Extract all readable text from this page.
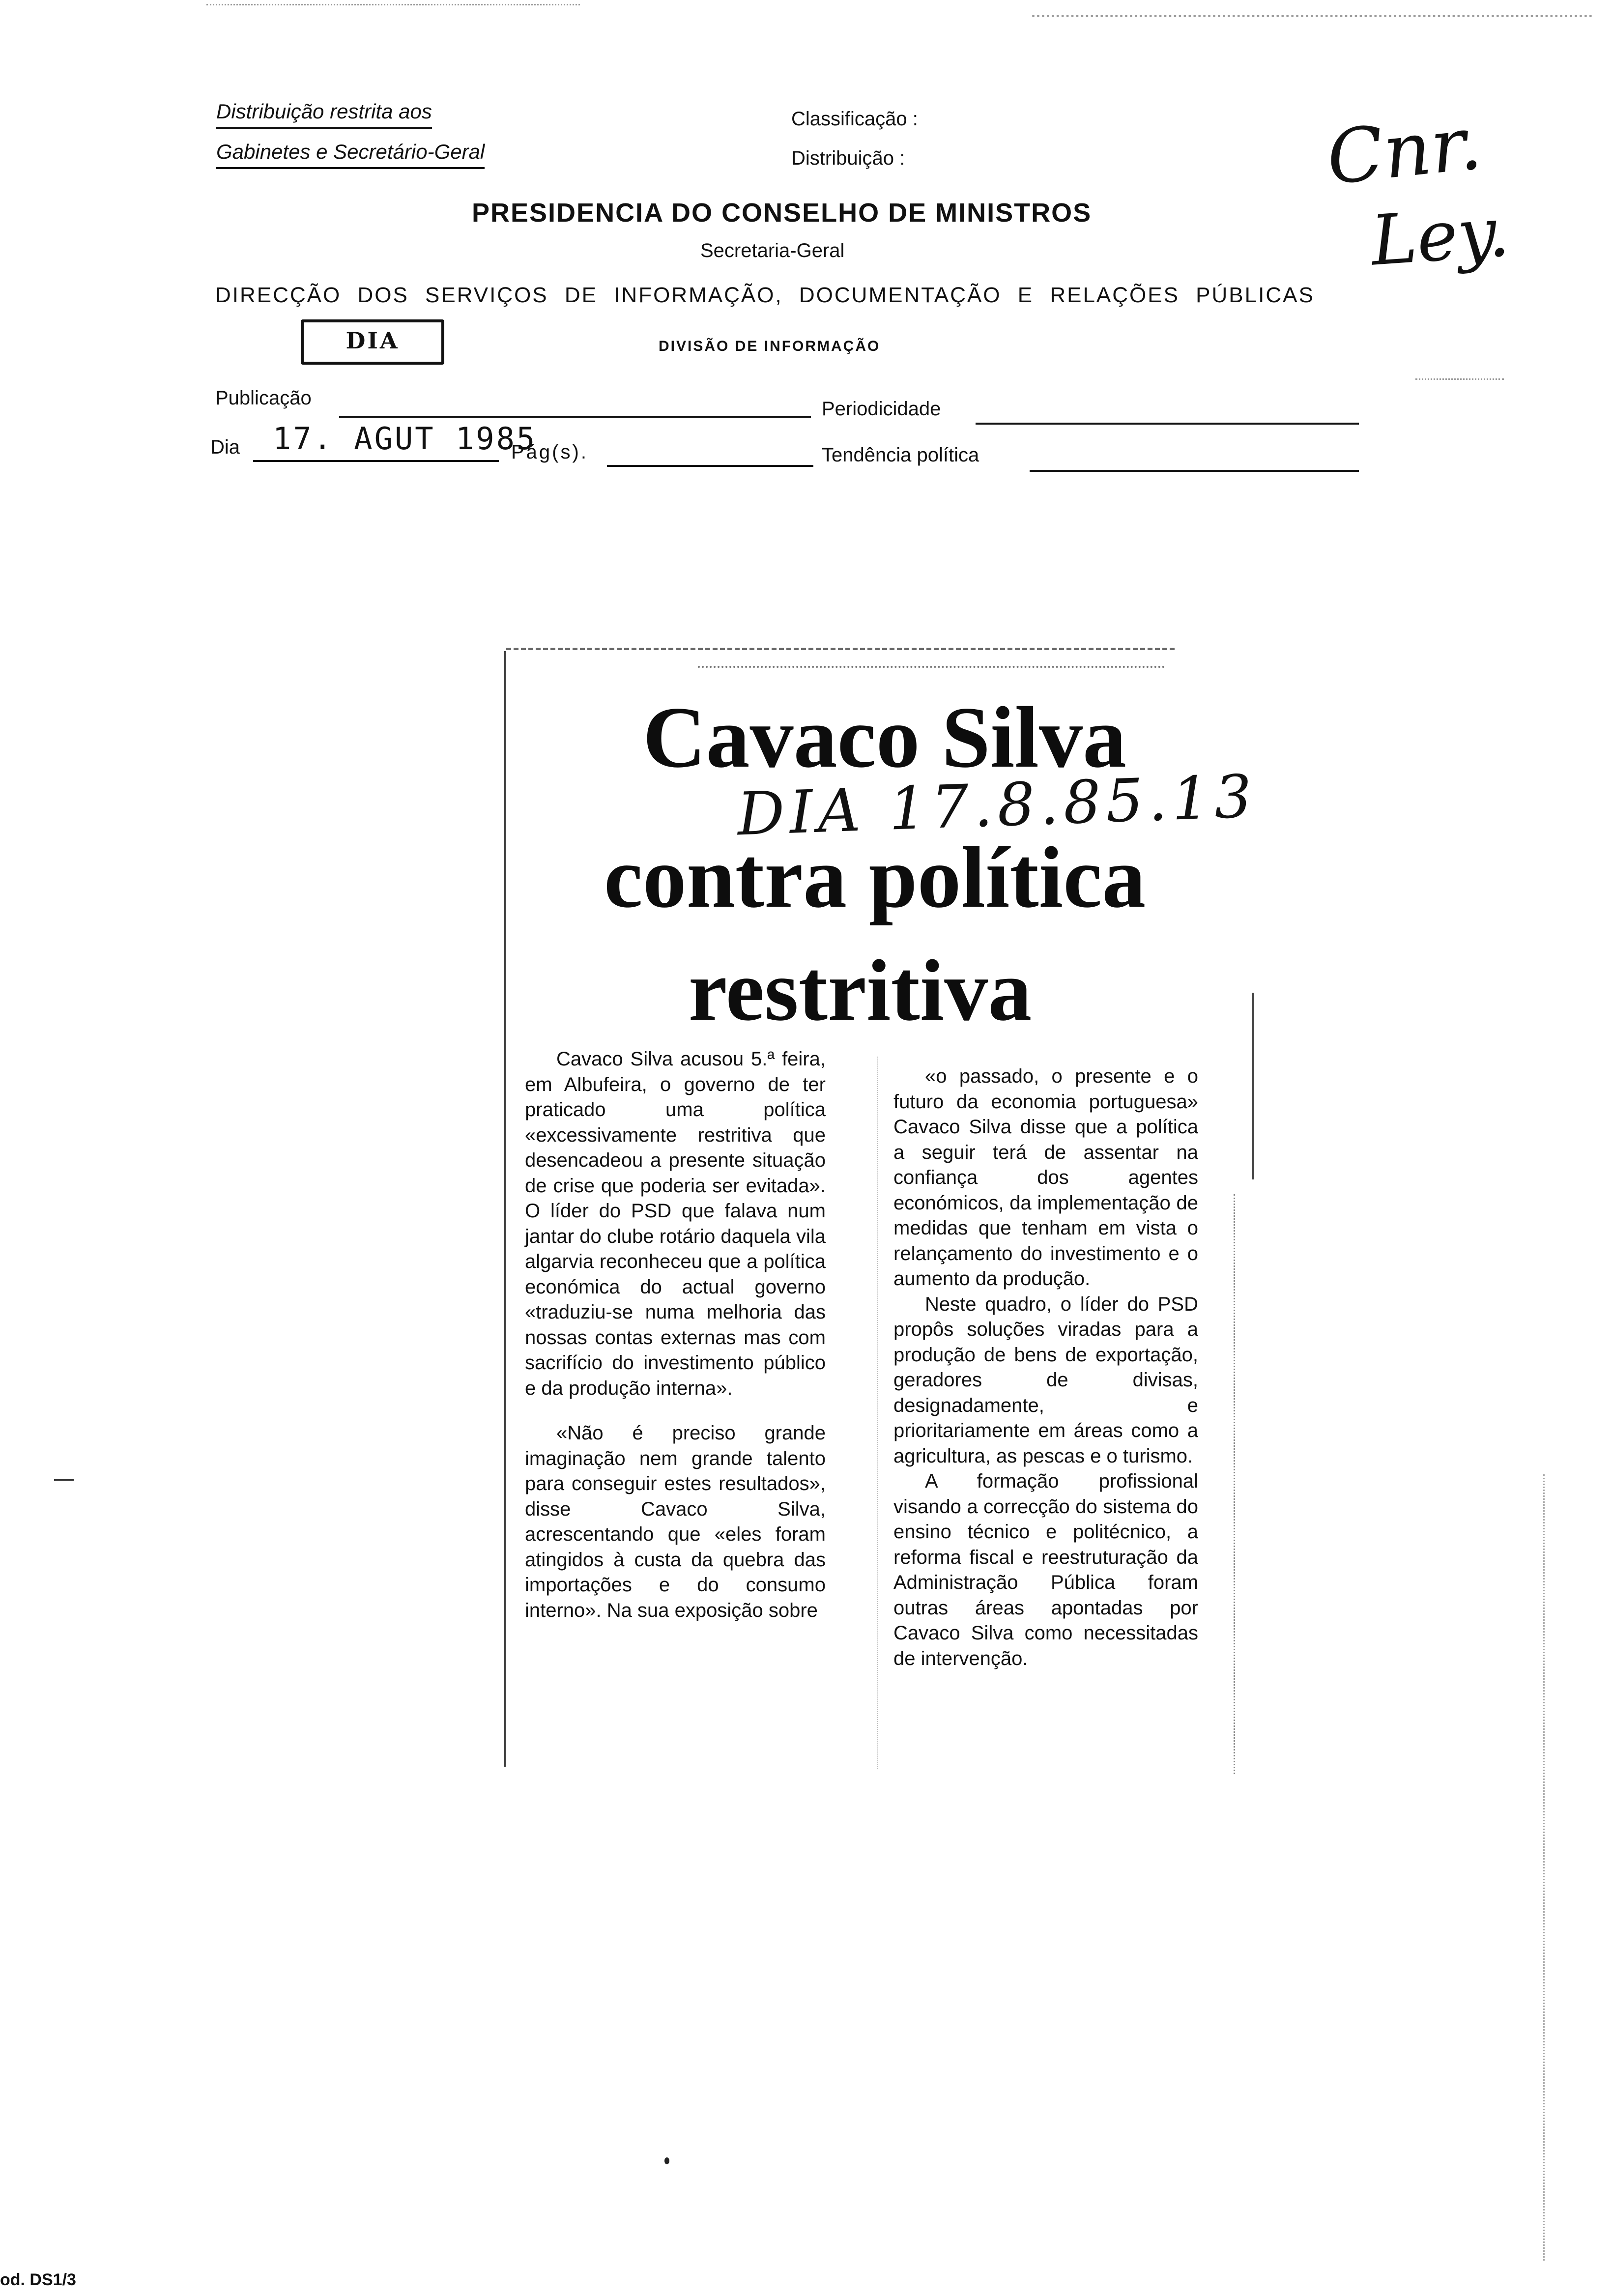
Distribuição restrita aos
Gabinetes e Secretário-Geral
Classificação :
Distribuição :
PRESIDENCIA DO CONSELHO DE MINISTROS
Secretaria-Geral
DIRECÇÃO DOS SERVIÇOS DE INFORMAÇÃO, DOCUMENTAÇÃO E RELAÇÕES PÚBLICAS
DIA	DIVISÃO DE INFORMAÇÃO
Publicação	Periodicidade
Dia 17. AGUT 1985
Pág(s).	Tendência política
Cnr.
Ley.
Cavaco Silva
DIA 17.8.85.13
contra política
restritiva

Cavaco Silva acusou 5.ª feira, em Albufeira, o governo de ter praticado uma política «excessivamente restritiva que desencadeou a presente situação de crise que poderia ser evitada». O líder do PSD que falava num jantar do clube rotário daquela vila algarvia reconheceu que a política económica do actual governo «traduziu-se numa melhoria das nossas contas externas mas com sacrifício do investimento público e da produção interna».

«Não é preciso grande imaginação nem grande talento para conseguir estes resultados», disse Cavaco Silva, acrescentando que «eles foram atingidos à custa da quebra das importações e do consumo interno». Na sua exposição sobre

«o passado, o presente e o futuro da economia portuguesa» Cavaco Silva disse que a política a seguir terá de assentar na confiança dos agentes económicos, da implementação de medidas que tenham em vista o relançamento do investimento e o aumento da produção.

Neste quadro, o líder do PSD propôs soluções viradas para a produção de bens de exportação, geradores de divisas, designadamente, e prioritariamente em áreas como a agricultura, as pescas e o turismo.

A formação profissional visando a correcção do sistema do ensino técnico e politécnico, a reforma fiscal e reestruturação da Administração Pública foram outras áreas apontadas por Cavaco Silva como necessitadas de intervenção.

od. DS1/3
